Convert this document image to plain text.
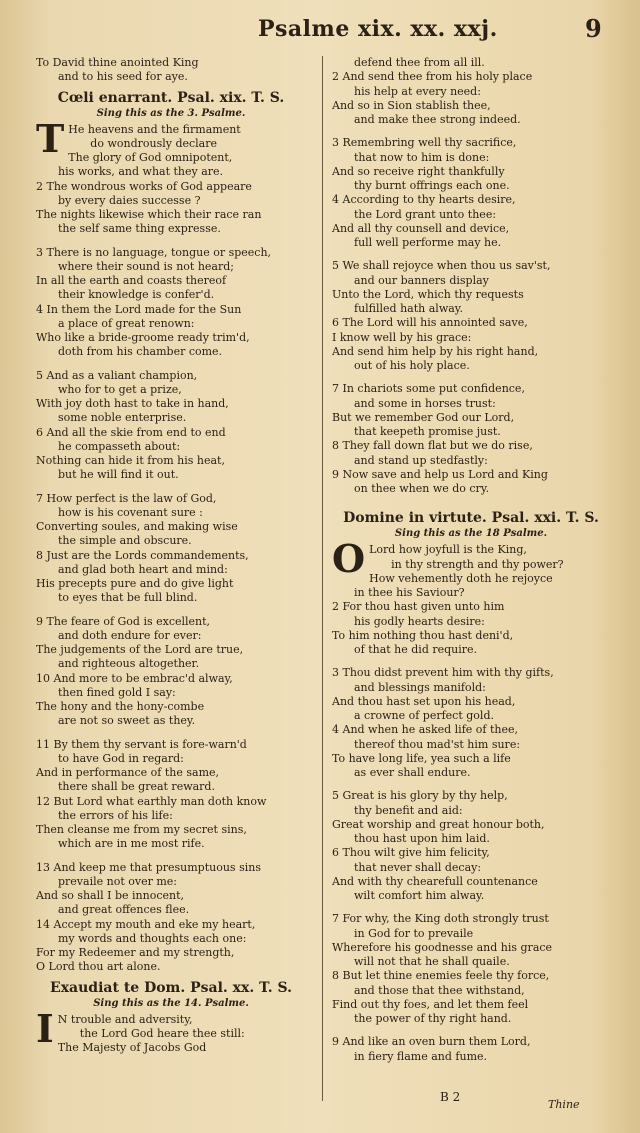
Psalme xix. xx. xxj.	9
To David thine anointed King
and to his seed for aye.
Cœli enarrant. Psal. xix. T. S.
Sing this as the 3. Psalme.
T He heavens and the firmament
do wondrously declare
The glory of God omnipotent,
his works, and what they are.
2 The wondrous works of God appeare
by every daies successe ?
The nights likewise which their race ran
the self same thing expresse.
3 There is no language, tongue or speech,
where their sound is not heard;
In all the earth and coasts thereof
their knowledge is confer'd.
4 In them the Lord made for the Sun
a place of great renown:
Who like a bride-groome ready trim'd,
doth from his chamber come.
5 And as a valiant champion,
who for to get a prize,
With joy doth hast to take in hand,
some noble enterprise.
6 And all the skie from end to end
he compasseth about:
Nothing can hide it from his heat,
but he will find it out.
7 How perfect is the law of God,
how is his covenant sure :
Converting soules, and making wise
the simple and obscure.
8 Just are the Lords commandements,
and glad both heart and mind:
His precepts pure and do give light
to eyes that be full blind.
9 The feare of God is excellent,
and doth endure for ever:
The judgements of the Lord are true,
and righteous altogether.
10 And more to be embrac'd alway,
then fined gold I say:
The hony and the hony-combe
are not so sweet as they.
11 By them thy servant is fore-warn'd
to have God in regard:
And in performance of the same,
there shall be great reward.
12 But Lord what earthly man doth know
the errors of his life:
Then cleanse me from my secret sins,
which are in me most rife.
13 And keep me that presumptuous sins
prevaile not over me:
And so shall I be innocent,
and great offences flee.
14 Accept my mouth and eke my heart,
my words and thoughts each one:
For my Redeemer and my strength,
O Lord thou art alone.
Exaudiat te Dom. Psal. xx. T. S.
Sing this as the 14. Psalme.
I N trouble and adversity,
the Lord God heare thee still:
The Majesty of Jacobs God
defend thee from all ill.
2 And send thee from his holy place
his help at every need:
And so in Sion stablish thee,
and make thee strong indeed.
3 Remembring well thy sacrifice,
that now to him is done:
And so receive right thankfully
thy burnt offrings each one.
4 According to thy hearts desire,
the Lord grant unto thee:
And all thy counsell and device,
full well performe may he.
5 We shall rejoyce when thou us sav'st,
and our banners display
Unto the Lord, which thy requests
fulfilled hath alway.
6 The Lord will his annointed save,
I know well by his grace:
And send him help by his right hand,
out of his holy place.
7 In chariots some put confidence,
and some in horses trust:
But we remember God our Lord,
that keepeth promise just.
8 They fall down flat but we do rise,
and stand up stedfastly:
9 Now save and help us Lord and King
on thee when we do cry.
Domine in virtute. Psal. xxi. T. S.
Sing this as the 18 Psalme.
O Lord how joyfull is the King,
in thy strength and thy power?
How vehemently doth he rejoyce
in thee his Saviour?
2 For thou hast given unto him
his godly hearts desire:
To him nothing thou hast deni'd,
of that he did require.
3 Thou didst prevent him with thy gifts,
and blessings manifold:
And thou hast set upon his head,
a crowne of perfect gold.
4 And when he asked life of thee,
thereof thou mad'st him sure:
To have long life, yea such a life
as ever shall endure.
5 Great is his glory by thy help,
thy benefit and aid:
Great worship and great honour both,
thou hast upon him laid.
6 Thou wilt give him felicity,
that never shall decay:
And with thy chearefull countenance
wilt comfort him alway.
7 For why, the King doth strongly trust
in God for to prevaile
Wherefore his goodnesse and his grace
will not that he shall quaile.
8 But let thine enemies feele thy force,
and those that thee withstand,
Find out thy foes, and let them feel
the power of thy right hand.
9 And like an oven burn them Lord,
in fiery flame and fume.
B 2
Thine
